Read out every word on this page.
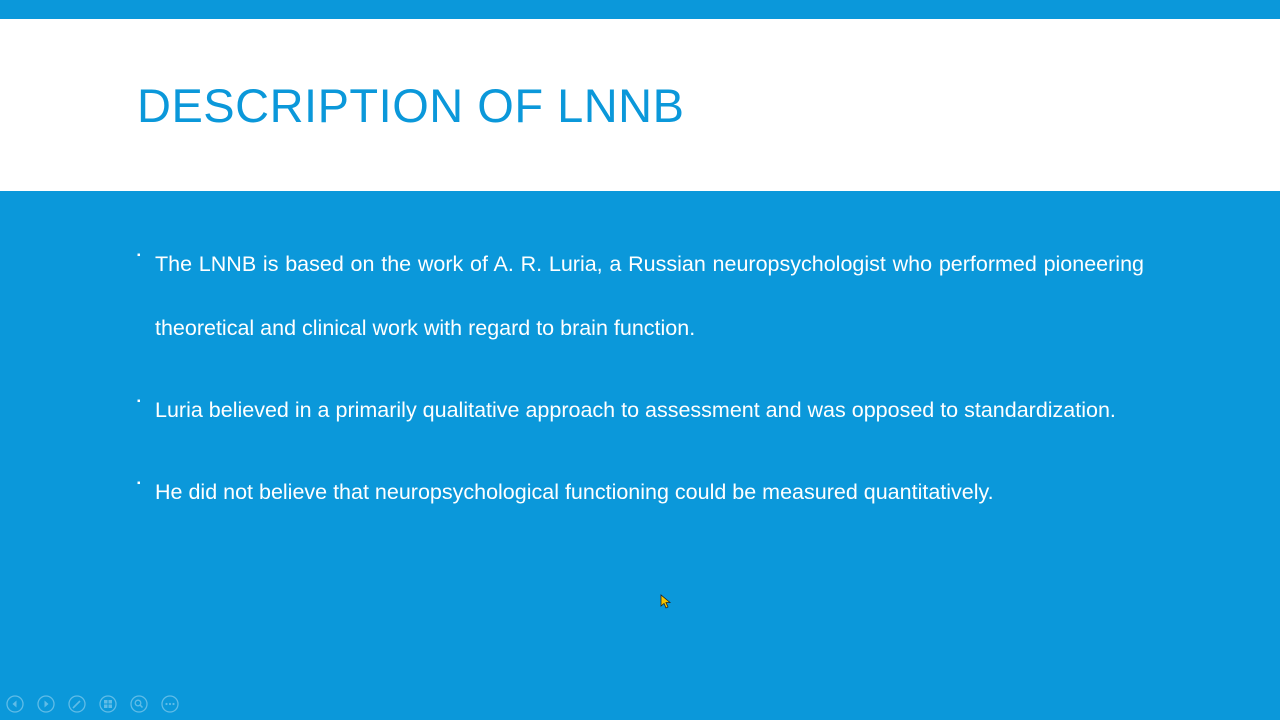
DESCRIPTION OF LNNB
▪ The LNNB is based on the work of A. R. Luria, a Russian neuropsychologist who performed pioneering theoretical and clinical work with regard to brain function.
▪ Luria believed in a primarily qualitative approach to assessment and was opposed to standardization.
▪ He did not believe that neuropsychological functioning could be measured quantitatively.
